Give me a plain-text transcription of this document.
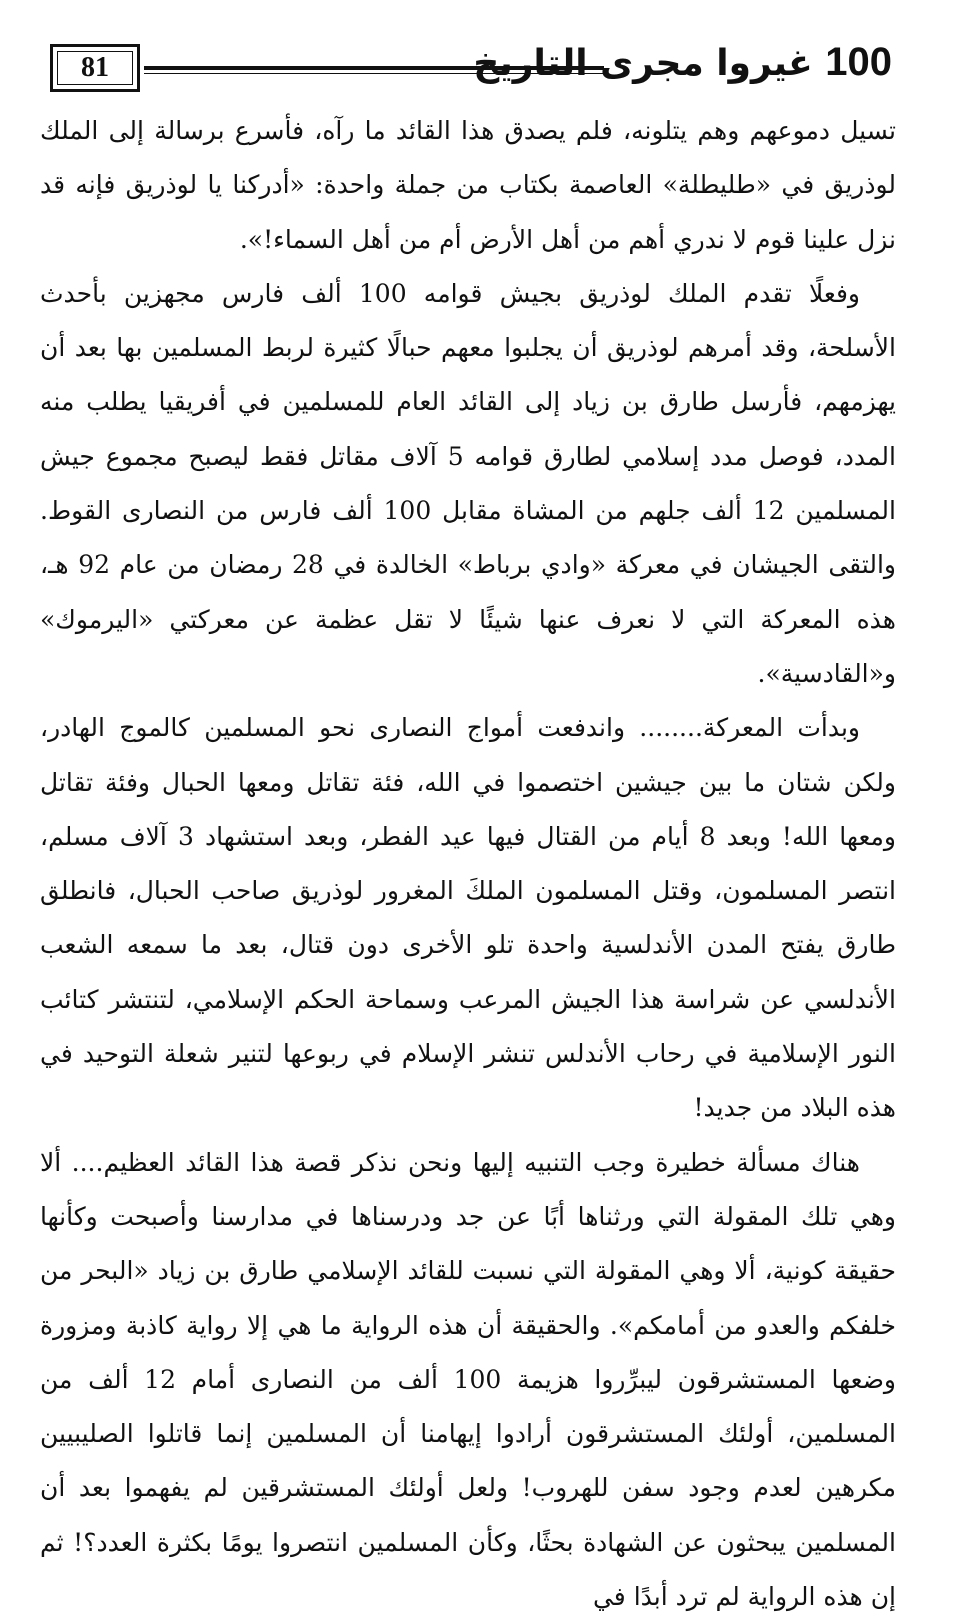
81	100 غيروا مجرى التاريخ

تسيل دموعهم وهم يتلونه، فلم يصدق هذا القائد ما رآه، فأسرع برسالة إلى الملك لوذريق في «طليطلة» العاصمة بكتاب من جملة واحدة: «أدركنا يا لوذريق فإنه قد نزل علينا قوم لا ندري أهم من أهل الأرض أم من أهل السماء!».

وفعلًا تقدم الملك لوذريق بجيش قوامه 100 ألف فارس مجهزين بأحدث الأسلحة، وقد أمرهم لوذريق أن يجلبوا معهم حبالًا كثيرة لربط المسلمين بها بعد أن يهزمهم، فأرسل طارق بن زياد إلى القائد العام للمسلمين في أفريقيا يطلب منه المدد، فوصل مدد إسلامي لطارق قوامه 5 آلاف مقاتل فقط ليصبح مجموع جيش المسلمين 12 ألف جلهم من المشاة مقابل 100 ألف فارس من النصارى القوط. والتقى الجيشان في معركة «وادي برباط» الخالدة في 28 رمضان من عام 92 هـ، هذه المعركة التي لا نعرف عنها شيئًا لا تقل عظمة عن معركتي «اليرموك» و«القادسية».

وبدأت المعركة........ واندفعت أمواج النصارى نحو المسلمين كالموج الهادر، ولكن شتان ما بين جيشين اختصموا في الله، فئة تقاتل ومعها الحبال وفئة تقاتل ومعها الله! وبعد 8 أيام من القتال فيها عيد الفطر، وبعد استشهاد 3 آلاف مسلم، انتصر المسلمون، وقتل المسلمون الملكَ المغرور لوذريق صاحب الحبال، فانطلق طارق يفتح المدن الأندلسية واحدة تلو الأخرى دون قتال، بعد ما سمعه الشعب الأندلسي عن شراسة هذا الجيش المرعب وسماحة الحكم الإسلامي، لتنتشر كتائب النور الإسلامية في رحاب الأندلس تنشر الإسلام في ربوعها لتنير شعلة التوحيد في هذه البلاد من جديد!

هناك مسألة خطيرة وجب التنبيه إليها ونحن نذكر قصة هذا القائد العظيم.... ألا وهي تلك المقولة التي ورثناها أبًا عن جد ودرسناها في مدارسنا وأصبحت وكأنها حقيقة كونية، ألا وهي المقولة التي نسبت للقائد الإسلامي طارق بن زياد «البحر من خلفكم والعدو من أمامكم». والحقيقة أن هذه الرواية ما هي إلا رواية كاذبة ومزورة وضعها المستشرقون ليبرِّروا هزيمة 100 ألف من النصارى أمام 12 ألف من المسلمين، أولئك المستشرقون أرادوا إيهامنا أن المسلمين إنما قاتلوا الصليبيين مكرهين لعدم وجود سفن للهروب! ولعل أولئك المستشرقين لم يفهموا بعد أن المسلمين يبحثون عن الشهادة بحثًا، وكأن المسلمين انتصروا يومًا بكثرة العدد؟! ثم إن هذه الرواية لم ترد أبدًا في
